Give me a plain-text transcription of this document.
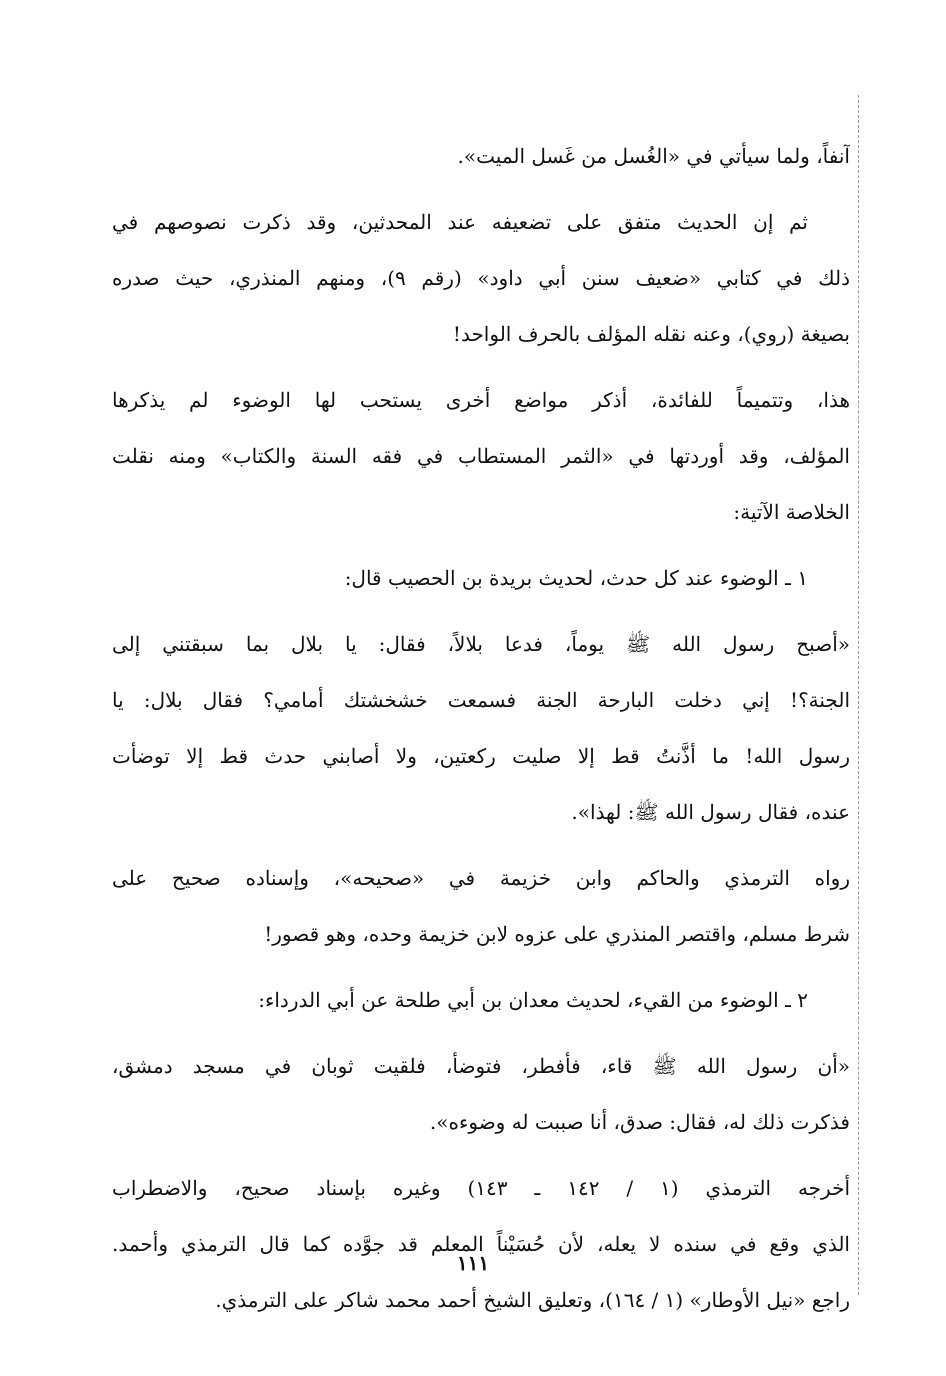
آنفاً، ولما سيأتي في «الغُسل من غَسل الميت».
ثم إن الحديث متفق على تضعيفه عند المحدثين، وقد ذكرت نصوصهم في
ذلك في كتابي «ضعيف سنن أبي داود» (رقم ٩)، ومنهم المنذري، حيث صدره
بصيغة (روي)، وعنه نقله المؤلف بالحرف الواحد!
هذا، وتتميماً للفائدة، أذكر مواضع أخرى يستحب لها الوضوء لم يذكرها
المؤلف، وقد أوردتها في «الثمر المستطاب في فقه السنة والكتاب» ومنه نقلت
الخلاصة الآتية:
١ ـ الوضوء عند كل حدث، لحديث بريدة بن الحصيب قال:
«أصبح رسول الله ﷺ يوماً، فدعا بلالاً، فقال: يا بلال بما سبقتني إلى
الجنة؟! إني دخلت البارحة الجنة فسمعت خشخشتك أمامي؟ فقال بلال: يا
رسول الله! ما أذَّنتُ قط إلا صليت ركعتين، ولا أصابني حدث قط إلا توضأت
عنده، فقال رسول الله ﷺ: لهذا».
رواه الترمذي والحاكم وابن خزيمة في «صحيحه»، وإسناده صحيح على
شرط مسلم، واقتصر المنذري على عزوه لابن خزيمة وحده، وهو قصور!
٢ ـ الوضوء من القيء، لحديث معدان بن أبي طلحة عن أبي الدرداء:
«أن رسول الله ﷺ قاء، فأفطر، فتوضأ، فلقيت ثوبان في مسجد دمشق،
فذكرت ذلك له، فقال: صدق، أنا صببت له وضوءه».
أخرجه الترمذي (١ / ١٤٢ ـ ١٤٣) وغيره بإسناد صحيح، والاضطراب
الذي وقع في سنده لا يعله، لأن حُسَيْناً المعلم قد جوَّده كما قال الترمذي وأحمد.
راجع «نيل الأوطار» (١ / ١٦٤)، وتعليق الشيخ أحمد محمد شاكر على الترمذي.
١١١
